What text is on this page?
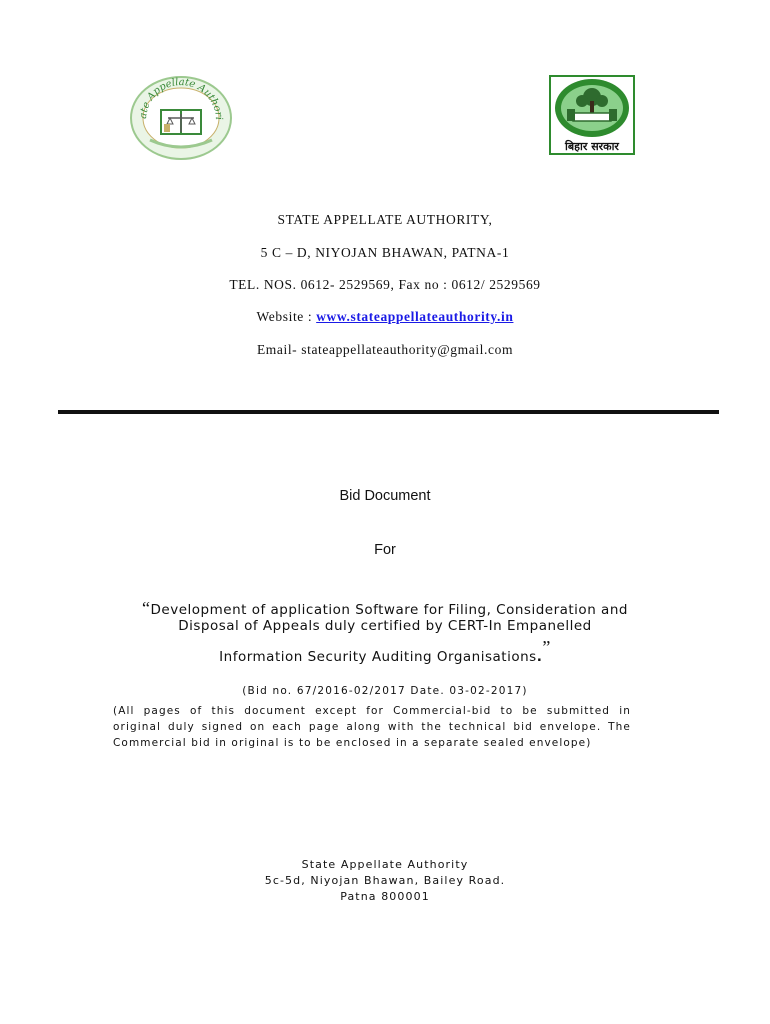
ate Appellate Authori
बिहार सरकार
STATE APPELLATE AUTHORITY,
5 C – D, NIYOJAN BHAWAN, PATNA-1
TEL. NOS. 0612- 2529569, Fax no : 0612/ 2529569
Website : www.stateappellateauthority.in
Email- stateappellateauthority@gmail.com
Bid Document
For
“Development of application Software for Filing, Consideration and
Disposal of Appeals duly certified by CERT-In Empanelled
Information Security Auditing Organisations.”
(Bid no. 67/2016-02/2017 Date. 03-02-2017)
(All pages of this document except for Commercial-bid to be submitted in original duly signed on each page along with the technical bid envelope. The Commercial bid in original is to be enclosed in a separate sealed envelope)
State Appellate Authority
5c-5d, Niyojan Bhawan, Bailey Road.
Patna 800001
